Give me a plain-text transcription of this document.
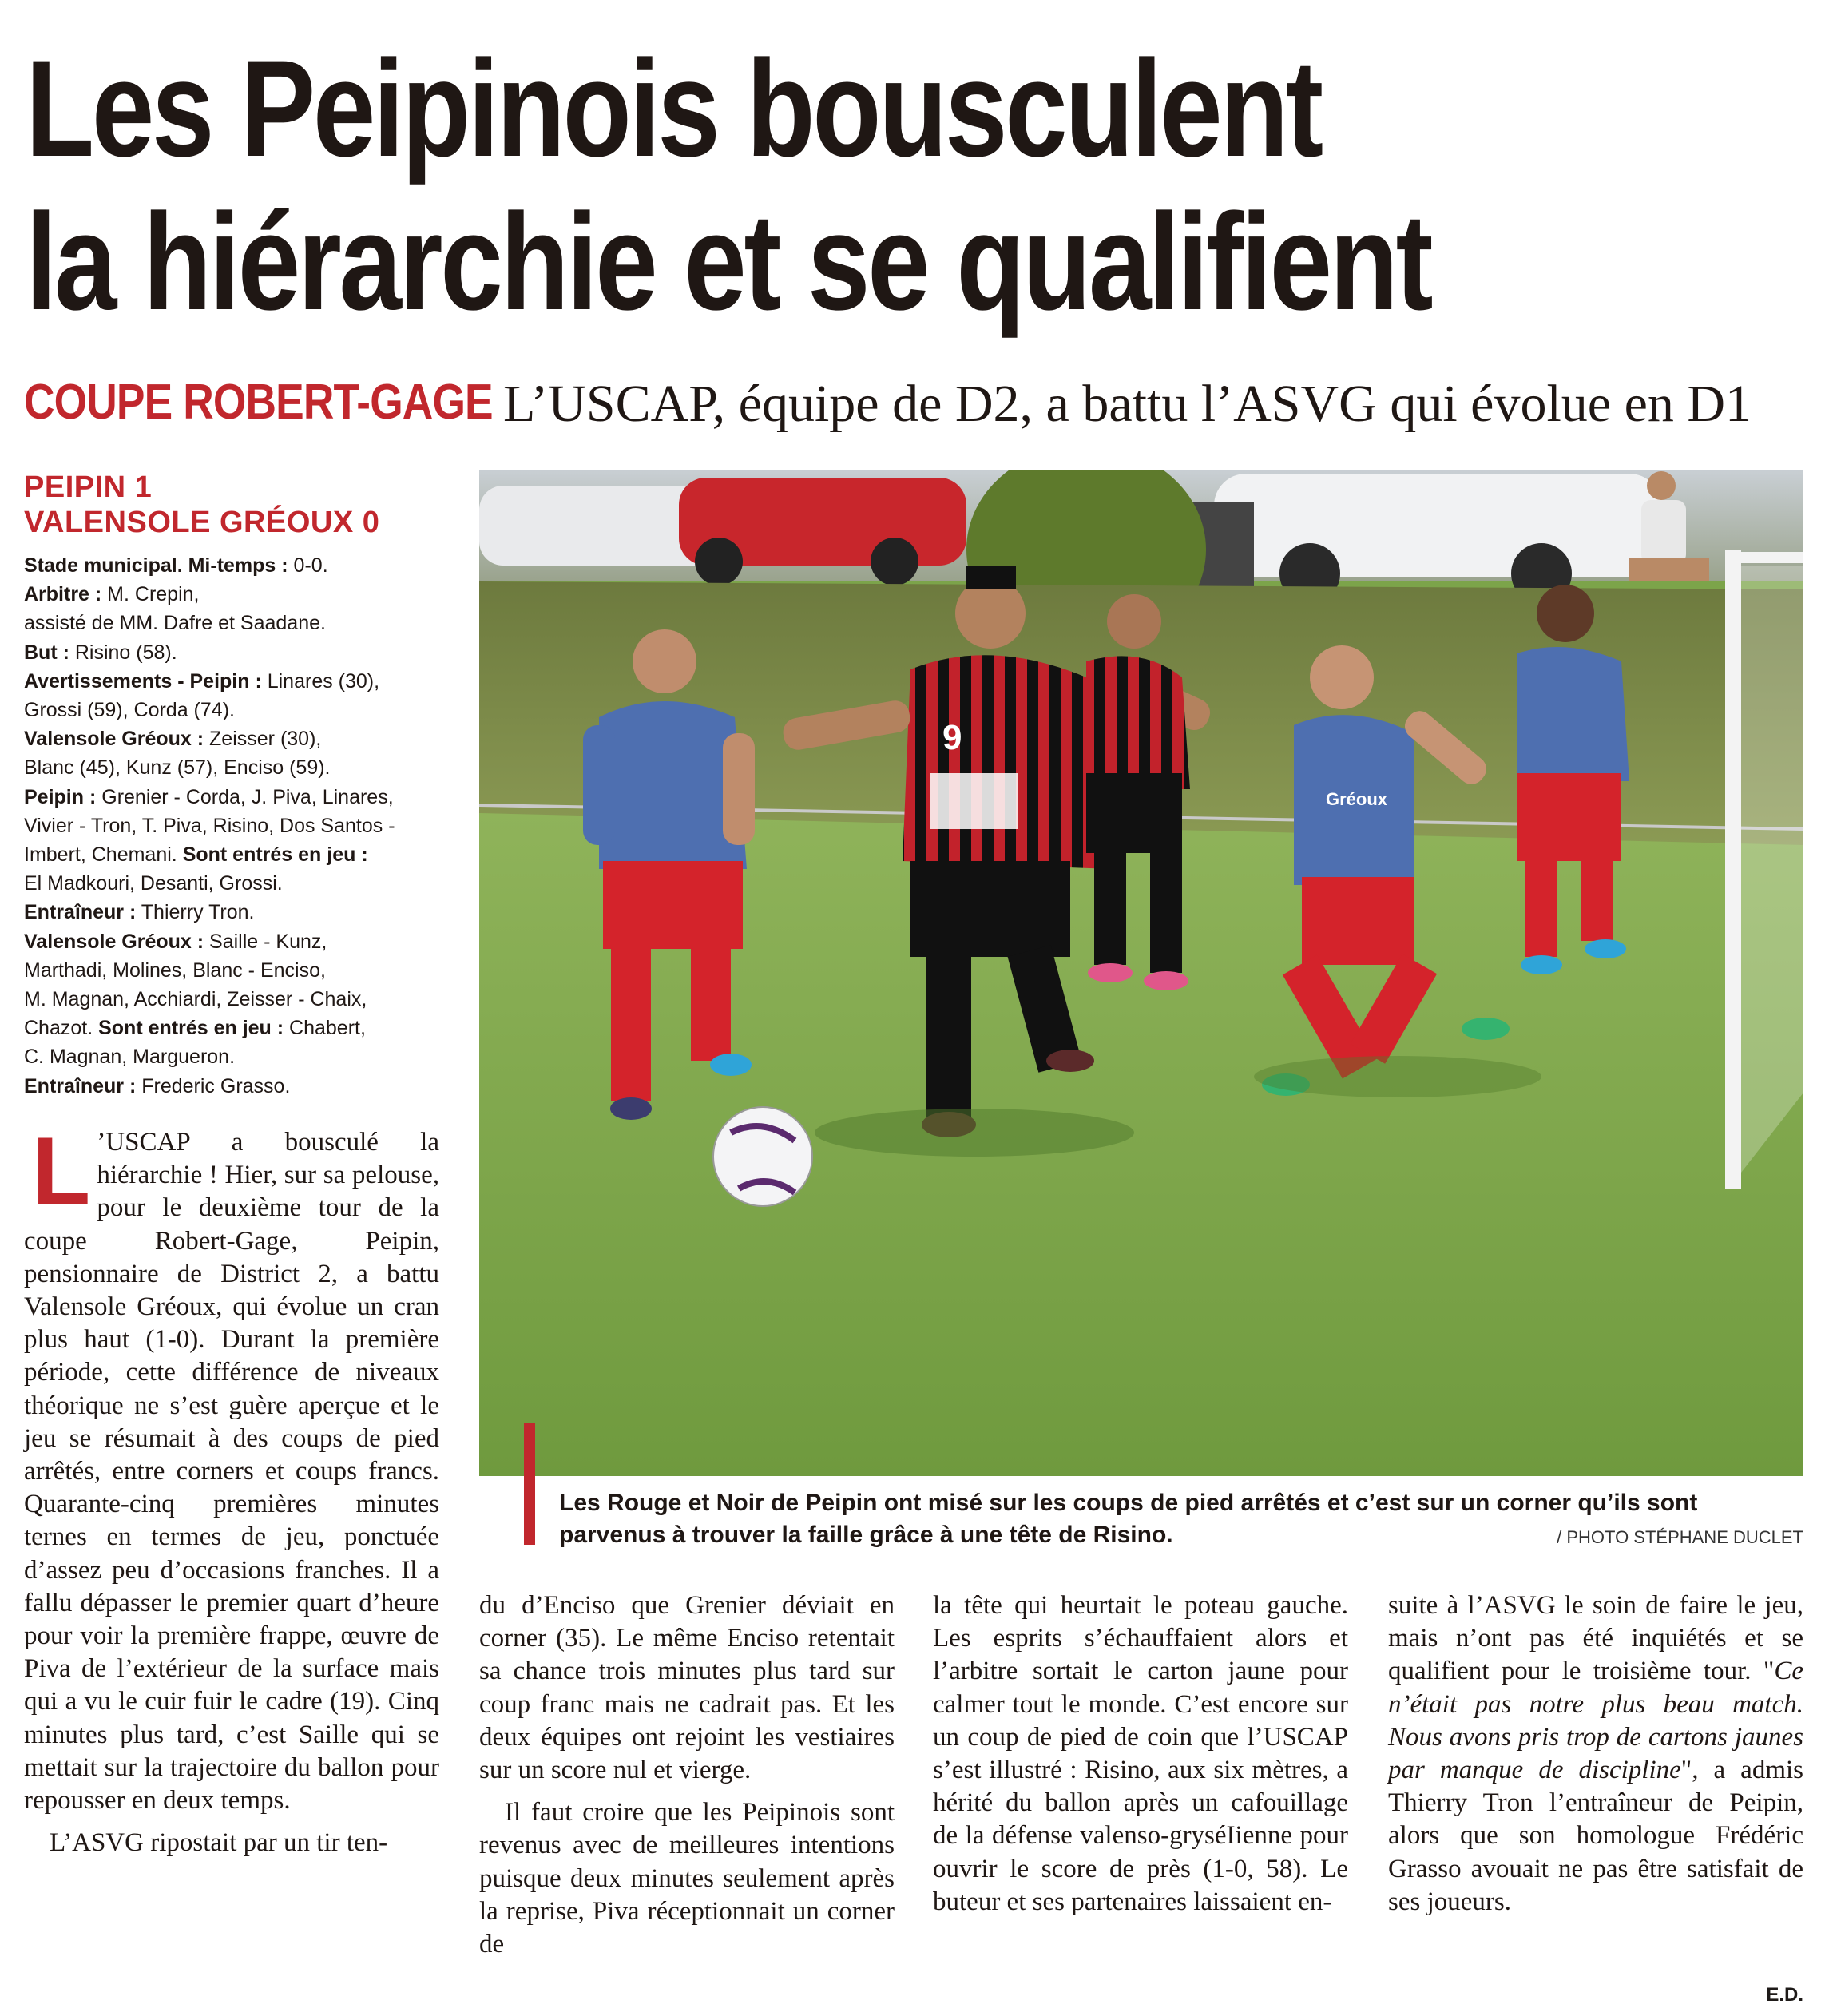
Les Peipinois bousculent
la hiérarchie et se qualifient
COUPE ROBERT-GAGE L’USCAP, équipe de D2, a battu l’ASVG qui évolue en D1
PEIPIN 1
VALENSOLE GRÉOUX 0
Stade municipal. Mi-temps : 0-0.
Arbitre : M. Crepin,
assisté de MM. Dafre et Saadane.
But : Risino (58).
Avertissements - Peipin : Linares (30),
Grossi (59), Corda (74).
Valensole Gréoux : Zeisser (30),
Blanc (45), Kunz (57), Enciso (59).
Peipin : Grenier - Corda, J. Piva, Linares,
Vivier - Tron, T. Piva, Risino, Dos Santos -
Imbert, Chemani. Sont entrés en jeu :
El Madkouri, Desanti, Grossi.
Entraîneur : Thierry Tron.
Valensole Gréoux : Saille - Kunz,
Marthadi, Molines, Blanc - Enciso,
M. Magnan, Acchiardi, Zeisser - Chaix,
Chazot. Sont entrés en jeu : Chabert,
C. Magnan, Margueron.
Entraîneur : Frederic Grasso.
9
Gréoux
Les Rouge et Noir de Peipin ont misé sur les coups de pied arrêtés et c’est sur un corner qu’ils sont parvenus à trouver la faille grâce à une tête de Risino.	/ PHOTO STÉPHANE DUCLET

L ’USCAP a bousculé la hiérarchie ! Hier, sur sa pelouse, pour le deuxième tour de la coupe Robert-Gage, Peipin, pensionnaire de District 2, a battu Valensole Gréoux, qui évolue un cran plus haut (1-0). Durant la première période, cette différence de niveaux théorique ne s’est guère aperçue et le jeu se résumait à des coups de pied arrêtés, entre corners et coups francs. Quarante-cinq premières minutes ternes en termes de jeu, ponctuée d’assez peu d’occasions franches. Il a fallu dépasser le premier quart d’heure pour voir la première frappe, œuvre de Piva de l’extérieur de la surface mais qui a vu le cuir fuir le cadre (19). Cinq minutes plus tard, c’est Saille qui se mettait sur la trajectoire du ballon pour repousser en deux temps.

L’ASVG ripostait par un tir ten-

du d’Enciso que Grenier déviait en corner (35). Le même Enciso retentait sa chance trois minutes plus tard sur coup franc mais ne cadrait pas. Et les deux équipes ont rejoint les vestiaires sur un score nul et vierge.

Il faut croire que les Peipinois sont revenus avec de meilleures intentions puisque deux minutes seulement après la reprise, Piva réceptionnait un corner de

la tête qui heurtait le poteau gauche. Les esprits s’échauffaient alors et l’arbitre sortait le carton jaune pour calmer tout le monde. C’est encore sur un coup de pied de coin que l’USCAP s’est illustré : Risino, aux six mètres, a hérité du ballon après un cafouillage de la défense valenso-gryséIienne pour ouvrir le score de près (1-0, 58). Le buteur et ses partenaires laissaient en-

suite à l’ASVG le soin de faire le jeu, mais n’ont pas été inquiétés et se qualifient pour le troisième tour. "Ce n’était pas notre plus beau match. Nous avons pris trop de cartons jaunes par manque de discipline", a admis Thierry Tron l’entraîneur de Peipin, alors que son homologue Frédéric Grasso avouait ne pas être satisfait de ses joueurs.

E.D.
